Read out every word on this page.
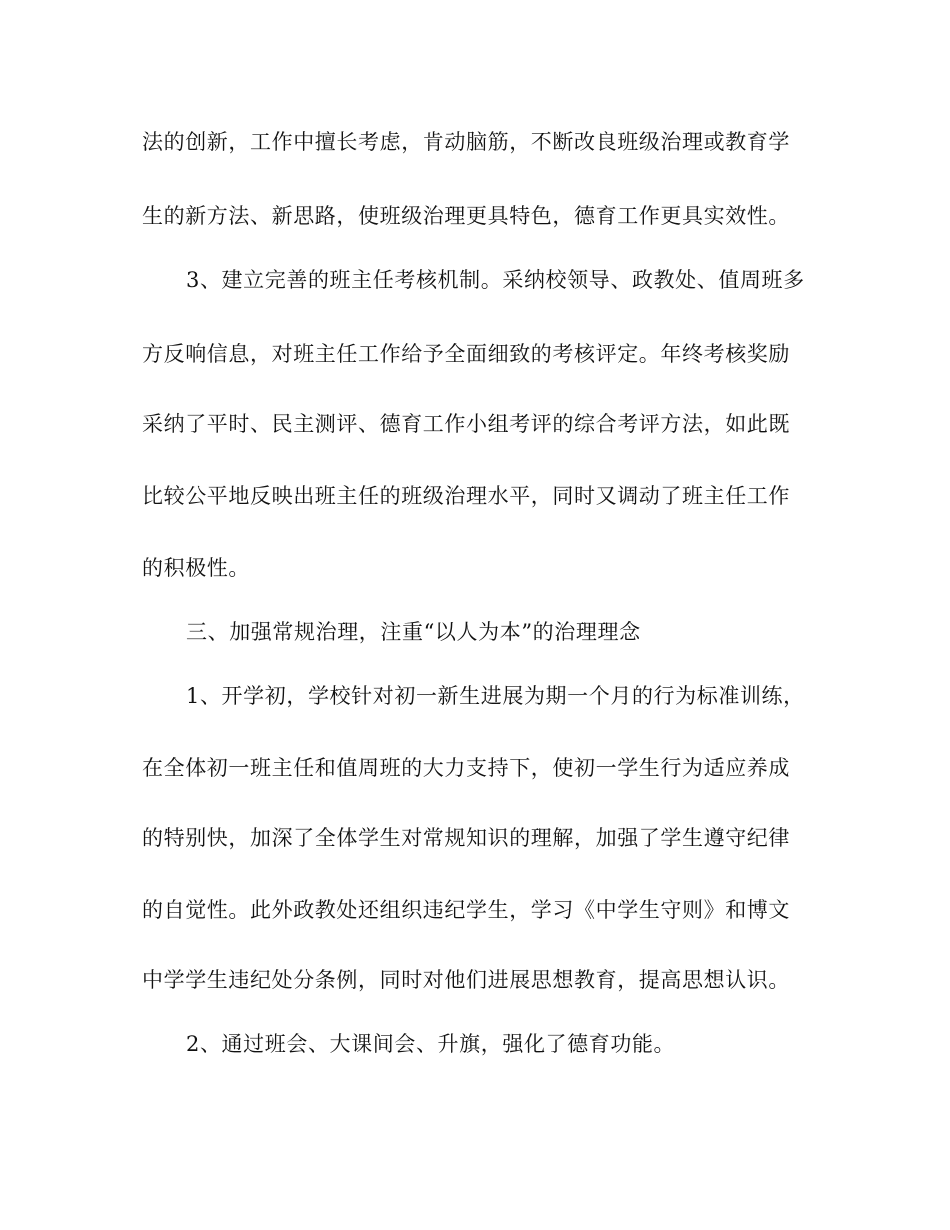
法的创新，工作中擅长考虑，肯动脑筋，不断改良班级治理或教育学
生的新方法、新思路，使班级治理更具特色，德育工作更具实效性。
3、建立完善的班主任考核机制。采纳校领导、政教处、值周班多
方反响信息，对班主任工作给予全面细致的考核评定。年终考核奖励
采纳了平时、民主测评、德育工作小组考评的综合考评方法，如此既
比较公平地反映出班主任的班级治理水平，同时又调动了班主任工作
的积极性。
三、加强常规治理，注重“以人为本”的治理理念
1、开学初，学校针对初一新生进展为期一个月的行为标准训练，
在全体初一班主任和值周班的大力支持下，使初一学生行为适应养成
的特别快，加深了全体学生对常规知识的理解，加强了学生遵守纪律
的自觉性。此外政教处还组织违纪学生，学习《中学生守则》和博文
中学学生违纪处分条例，同时对他们进展思想教育，提高思想认识。
2、通过班会、大课间会、升旗，强化了德育功能。
